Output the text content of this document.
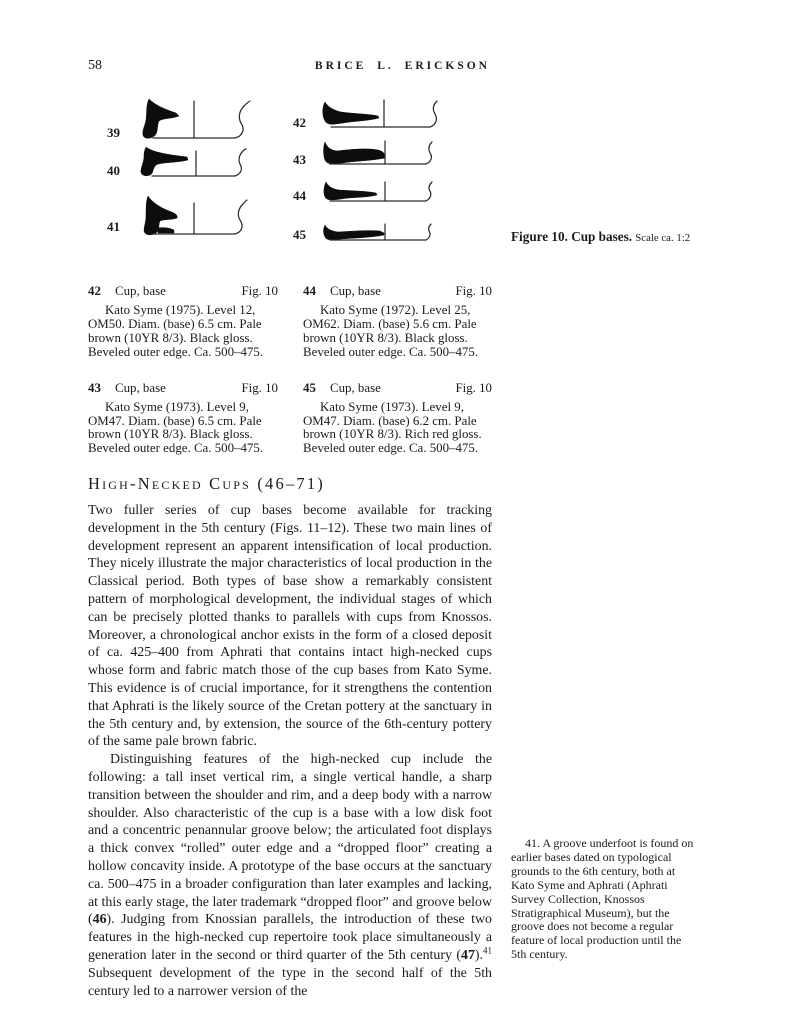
58	BRICE L. ERICKSON
39
40
41
42
43
44
45	Figure 10. Cup bases. Scale ca. 1:2
42	Cup, base	Fig. 10

Kato Syme (1975). Level 12, OM50. Diam. (base) 6.5 cm. Pale brown (10YR 8/3). Black gloss. Beveled outer edge. Ca. 500–475.

44	Cup, base	Fig. 10

Kato Syme (1972). Level 25, OM62. Diam. (base) 5.6 cm. Pale brown (10YR 8/3). Black gloss. Beveled outer edge. Ca. 500–475.

43	Cup, base	Fig. 10

Kato Syme (1973). Level 9, OM47. Diam. (base) 6.5 cm. Pale brown (10YR 8/3). Black gloss. Beveled outer edge. Ca. 500–475.

45	Cup, base	Fig. 10

Kato Syme (1973). Level 9, OM47. Diam. (base) 6.2 cm. Pale brown (10YR 8/3). Rich red gloss. Beveled outer edge. Ca. 500–475.

High-Necked Cups (46–71)

Two fuller series of cup bases become available for tracking development in the 5th century (Figs. 11–12). These two main lines of development represent an apparent intensification of local production. They nicely illustrate the major characteristics of local production in the Classical period. Both types of base show a remarkably consistent pattern of morphological development, the individual stages of which can be precisely plotted thanks to parallels with cups from Knossos. Moreover, a chronological anchor exists in the form of a closed deposit of ca. 425–400 from Aphrati that contains intact high-necked cups whose form and fabric match those of the cup bases from Kato Syme. This evidence is of crucial importance, for it strengthens the contention that Aphrati is the likely source of the Cretan pottery at the sanctuary in the 5th century and, by extension, the source of the 6th-century pottery of the same pale brown fabric.

Distinguishing features of the high-necked cup include the following: a tall inset vertical rim, a single vertical handle, a sharp transition between the shoulder and rim, and a deep body with a narrow shoulder. Also characteristic of the cup is a base with a low disk foot and a concentric penannular groove below; the articulated foot displays a thick convex “rolled” outer edge and a “dropped floor” creating a hollow concavity inside. A prototype of the base occurs at the sanctuary ca. 500–475 in a broader configuration than later examples and lacking, at this early stage, the later trademark “dropped floor” and groove below (46). Judging from Knossian parallels, the introduction of these two features in the high-necked cup repertoire took place simultaneously a generation later in the second or third quarter of the 5th century (47).$^{41}$ Subsequent development of the type in the second half of the 5th century led to a narrower version of the

41. A groove underfoot is found on earlier bases dated on typological grounds to the 6th century, both at Kato Syme and Aphrati (Aphrati Survey Collection, Knossos Stratigraphical Museum), but the groove does not become a regular feature of local production until the 5th century.
